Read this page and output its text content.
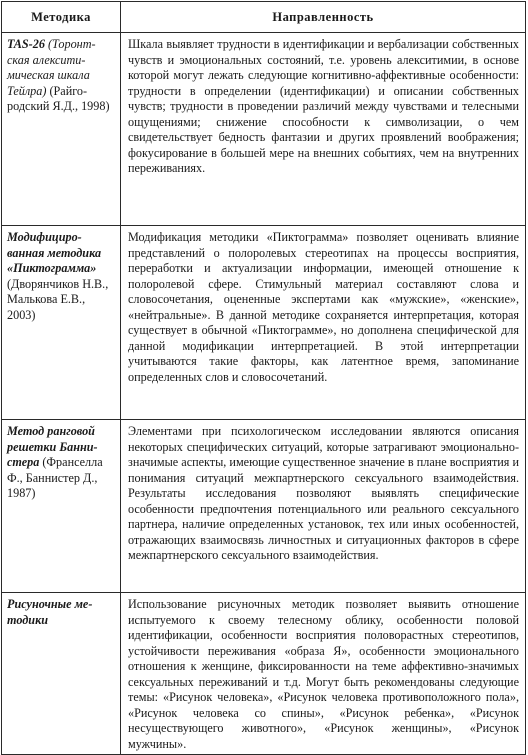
Методика	Направленность

TAS-26 (Торонт-ская алексити-мическая шкала Тейлра) (Райго-родский Я.Д., 1998)	Шкала выявляет трудности в идентификации и вербализации собственных чувств и эмоциональных состояний, т.е. уровень алекситимии, в основе которой могут лежать следующие когнитивно-аффективные особенности: трудности в определении (идентификации) и описании собственных чувств; трудности в проведении различий между чувствами и телесными ощущениями; снижение способности к символизации, о чем свидетельствует бедность фантазии и других проявлений воображения; фокусирование в большей мере на внешних событиях, чем на внутренних переживаниях.

Модифициро-ванная методика «Пиктограмма» (Дворянчиков Н.В., Малькова Е.В., 2003)	Модификация методики «Пиктограмма» позволяет оценивать влияние представлений о полоролевых стереотипах на процессы восприятия, переработки и актуализации информации, имеющей отношение к полоролевой сфере. Стимульный материал составляют слова и словосочетания, оцененные экспертами как «мужские», «женские», «нейтральные». В данной методике сохраняется интерпретация, которая существует в обычной «Пиктограмме», но дополнена специфической для данной модификации интерпретацией. В этой интерпретации учитываются такие факторы, как латентное время, запоминание определенных слов и словосочетаний.

Метод ранговой решетки Банни-стера (Франселла Ф., Баннистер Д., 1987)	Элементами при психологическом исследовании являются описания некоторых специфических ситуаций, которые затрагивают эмоционально-значимые аспекты, имеющие существенное значение в плане восприятия и понимания ситуаций межпартнерского сексуального взаимодействия. Результаты исследования позволяют выявлять специфические особенности предпочтения потенциального или реального сексуального партнера, наличие определенных установок, тех или иных особенностей, отражающих взаимосвязь личностных и ситуационных факторов в сфере межпартнерского сексуального взаимодействия.

Рисуночные ме-тодики	Использование рисуночных методик позволяет выявить отношение испытуемого к своему телесному облику, особенности половой идентификации, особенности восприятия половорастных стереотипов, устойчивости переживания «образа Я», особенности эмоционального отношения к женщине, фиксированности на теме аффективно-значимых сексуальных переживаний и т.д. Могут быть рекомендованы следующие темы: «Рисунок человека», «Рисунок человека противоположного пола», «Рисунок человека со спины», «Рисунок ребенка», «Рисунок несуществующего животного», «Рисунок женщины», «Рисунок мужчины».
